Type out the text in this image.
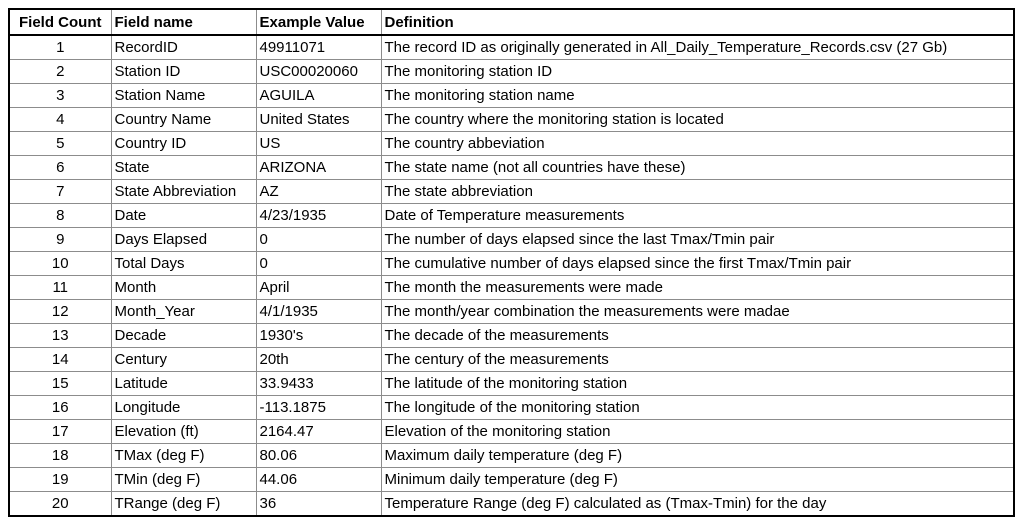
Field Count	Field name	Example Value	Definition
1	RecordID	49911071	The record ID as originally generated in All_Daily_Temperature_Records.csv (27 Gb)
2	Station ID	USC00020060	The monitoring station ID
3	Station Name	AGUILA	The monitoring station name
4	Country Name	United States	The country where the monitoring station is located
5	Country ID	US	The country abbeviation
6	State	ARIZONA	The state name (not all countries have these)
7	State Abbreviation	AZ	The state abbreviation
8	Date	4/23/1935	Date of Temperature measurements
9	Days Elapsed	0	The number of days elapsed since the last Tmax/Tmin pair
10	Total Days	0	The cumulative number of days elapsed since the first Tmax/Tmin pair
11	Month	April	The month the measurements were made
12	Month_Year	4/1/1935	The month/year combination the measurements were madae
13	Decade	1930's	The decade of the measurements
14	Century	20th	The century of the measurements
15	Latitude	33.9433	The latitude of the monitoring station
16	Longitude	-113.1875	The longitude of the monitoring station
17	Elevation (ft)	2164.47	Elevation of the monitoring station
18	TMax (deg F)	80.06	Maximum daily temperature (deg F)
19	TMin (deg F)	44.06	Minimum daily temperature (deg F)
20	TRange (deg F)	36	Temperature Range (deg F) calculated as (Tmax-Tmin) for the day
